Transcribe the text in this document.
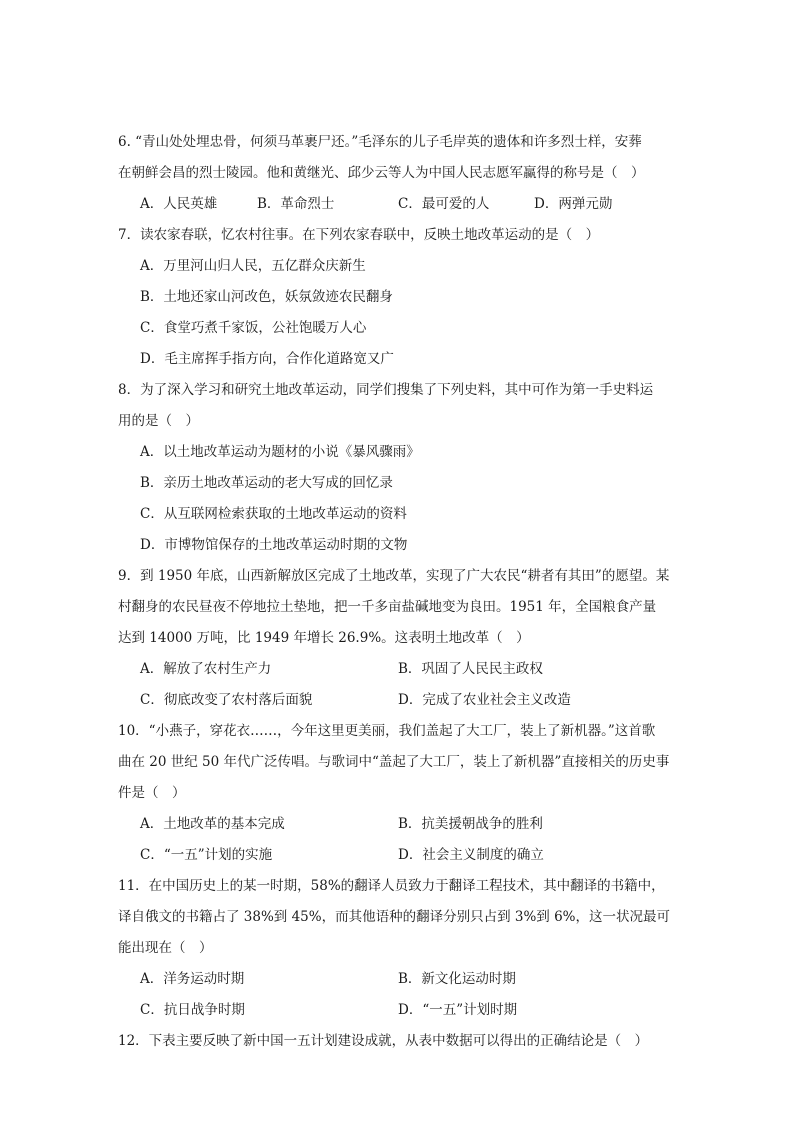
6. “青山处处埋忠骨，何须马革裹尸还。”毛泽东的儿子毛岸英的遗体和许多烈士样，安葬
在朝鲜会昌的烈士陵园。他和黄继光、邱少云等人为中国人民志愿军赢得的称号是（　）
A．人民英雄	B．革命烈士	C．最可爱的人	D．两弹元勋
7．读农家春联，忆农村往事。在下列农家春联中，反映土地改革运动的是（　）
A．万里河山归人民，五亿群众庆新生
B．土地还家山河改色，妖氛敛迹农民翻身
C．食堂巧煮千家饭，公社饱暖万人心
D．毛主席挥手指方向，合作化道路宽又广
8．为了深入学习和研究土地改革运动，同学们搜集了下列史料，其中可作为第一手史料运
用的是（　）
A．以土地改革运动为题材的小说《暴风骤雨》
B．亲历土地改革运动的老大写成的回忆录
C．从互联网检索获取的土地改革运动的资料
D．市博物馆保存的土地改革运动时期的文物
9．到 1950 年底，山西新解放区完成了土地改革，实现了广大农民“耕者有其田”的愿望。某
村翻身的农民昼夜不停地拉土垫地，把一千多亩盐碱地变为良田。1951 年，全国粮食产量
达到 14000 万吨，比 1949 年增长 26.9%。这表明土地改革（　）
A．解放了农村生产力	B．巩固了人民民主政权
C．彻底改变了农村落后面貌	D．完成了农业社会主义改造
10．“小燕子，穿花衣……，今年这里更美丽，我们盖起了大工厂，装上了新机器。”这首歌
曲在 20 世纪 50 年代广泛传唱。与歌词中“盖起了大工厂，装上了新机器”直接相关的历史事
件是（　）
A．土地改革的基本完成	B．抗美援朝战争的胜利
C．“一五”计划的实施	D．社会主义制度的确立
11．在中国历史上的某一时期，58%的翻译人员致力于翻译工程技术，其中翻译的书籍中，
译自俄文的书籍占了 38%到 45%，而其他语种的翻译分别只占到 3%到 6%，这一状况最可
能出现在（　）
A．洋务运动时期	B．新文化运动时期
C．抗日战争时期	D．“一五”计划时期
12．下表主要反映了新中国一五计划建设成就，从表中数据可以得出的正确结论是（　）
